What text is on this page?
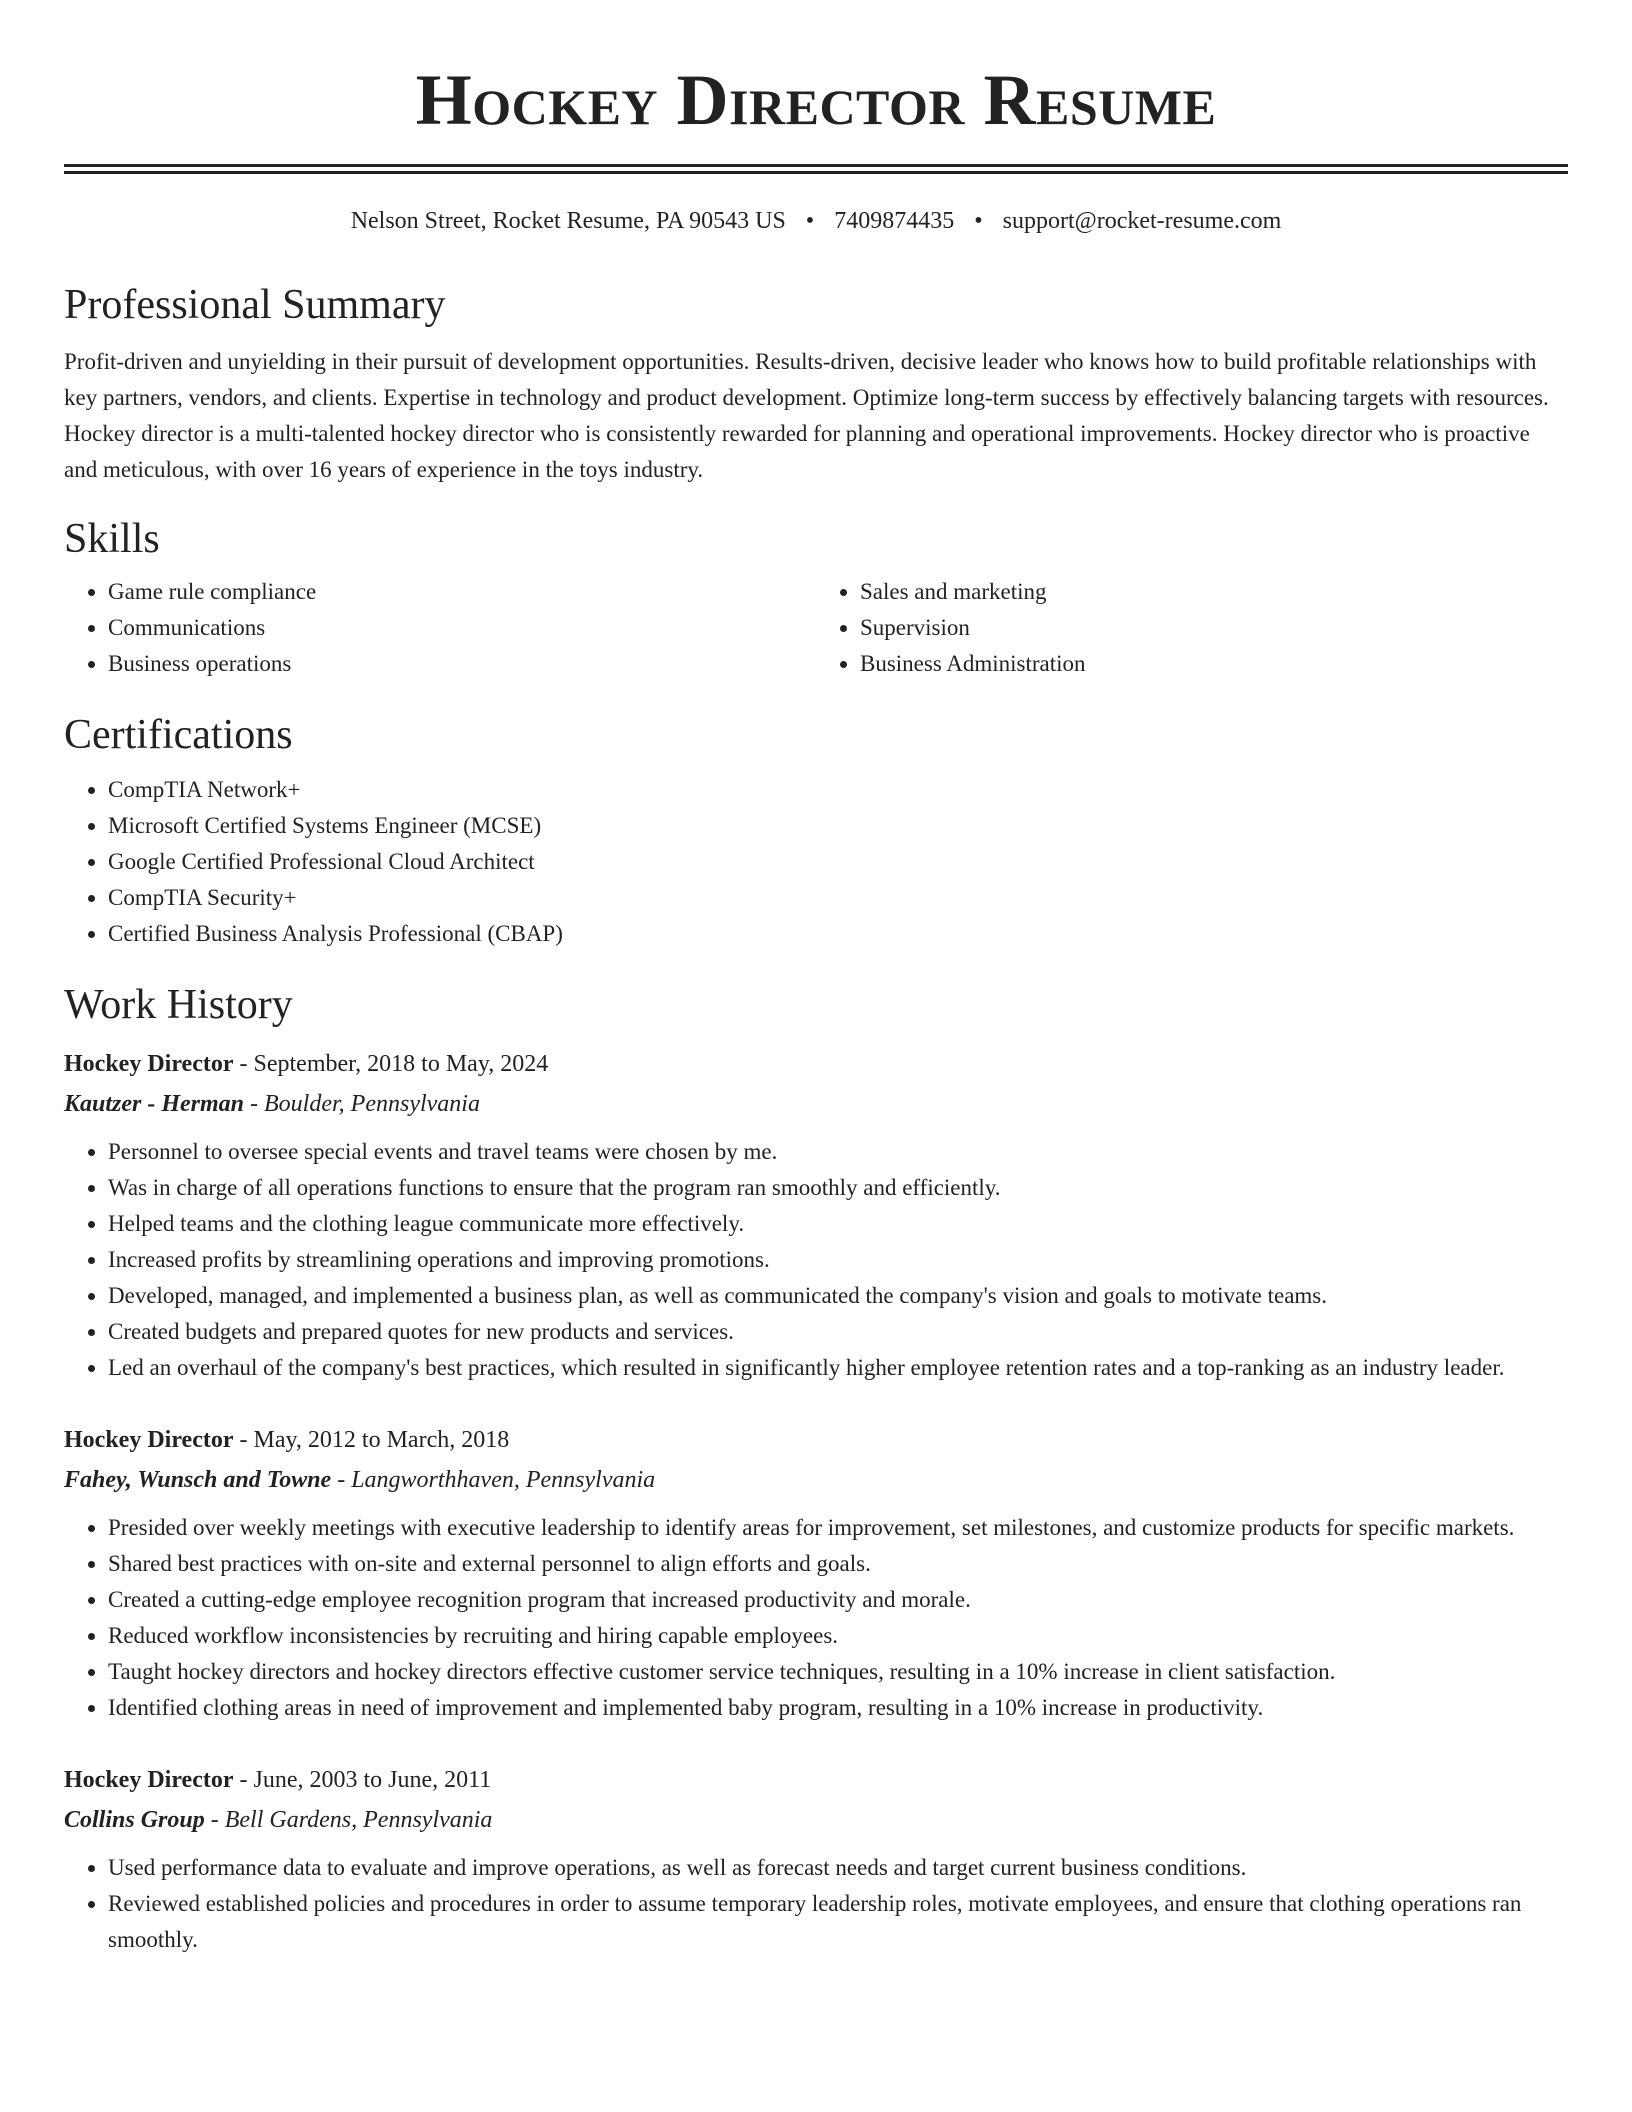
Hockey Director Resume
Nelson Street, Rocket Resume, PA 90543 US • 7409874435 • support@rocket-resume.com
Professional Summary

Profit-driven and unyielding in their pursuit of development opportunities. Results-driven, decisive leader who knows how to build profitable relationships with key partners, vendors, and clients. Expertise in technology and product development. Optimize long-term success by effectively balancing targets with resources. Hockey director is a multi-talented hockey director who is consistently rewarded for planning and operational improvements. Hockey director who is proactive and meticulous, with over 16 years of experience in the toys industry.

Skills
• Game rule compliance
• Communications
• Business operations
• Sales and marketing
• Supervision
• Business Administration
Certifications
• CompTIA Network+
• Microsoft Certified Systems Engineer (MCSE)
• Google Certified Professional Cloud Architect
• CompTIA Security+
• Certified Business Analysis Professional (CBAP)
Work History
Hockey Director - September, 2018 to May, 2024
Kautzer - Herman - Boulder, Pennsylvania
• Personnel to oversee special events and travel teams were chosen by me.
• Was in charge of all operations functions to ensure that the program ran smoothly and efficiently.
• Helped teams and the clothing league communicate more effectively.
• Increased profits by streamlining operations and improving promotions.
• Developed, managed, and implemented a business plan, as well as communicated the company's vision and goals to motivate teams.
• Created budgets and prepared quotes for new products and services.
• Led an overhaul of the company's best practices, which resulted in significantly higher employee retention rates and a top-ranking as an industry leader.
Hockey Director - May, 2012 to March, 2018
Fahey, Wunsch and Towne - Langworthhaven, Pennsylvania
• Presided over weekly meetings with executive leadership to identify areas for improvement, set milestones, and customize products for specific markets.
• Shared best practices with on-site and external personnel to align efforts and goals.
• Created a cutting-edge employee recognition program that increased productivity and morale.
• Reduced workflow inconsistencies by recruiting and hiring capable employees.
• Taught hockey directors and hockey directors effective customer service techniques, resulting in a 10% increase in client satisfaction.
• Identified clothing areas in need of improvement and implemented baby program, resulting in a 10% increase in productivity.
Hockey Director - June, 2003 to June, 2011
Collins Group - Bell Gardens, Pennsylvania
• Used performance data to evaluate and improve operations, as well as forecast needs and target current business conditions.
• Reviewed established policies and procedures in order to assume temporary leadership roles, motivate employees, and ensure that clothing operations ran smoothly.
